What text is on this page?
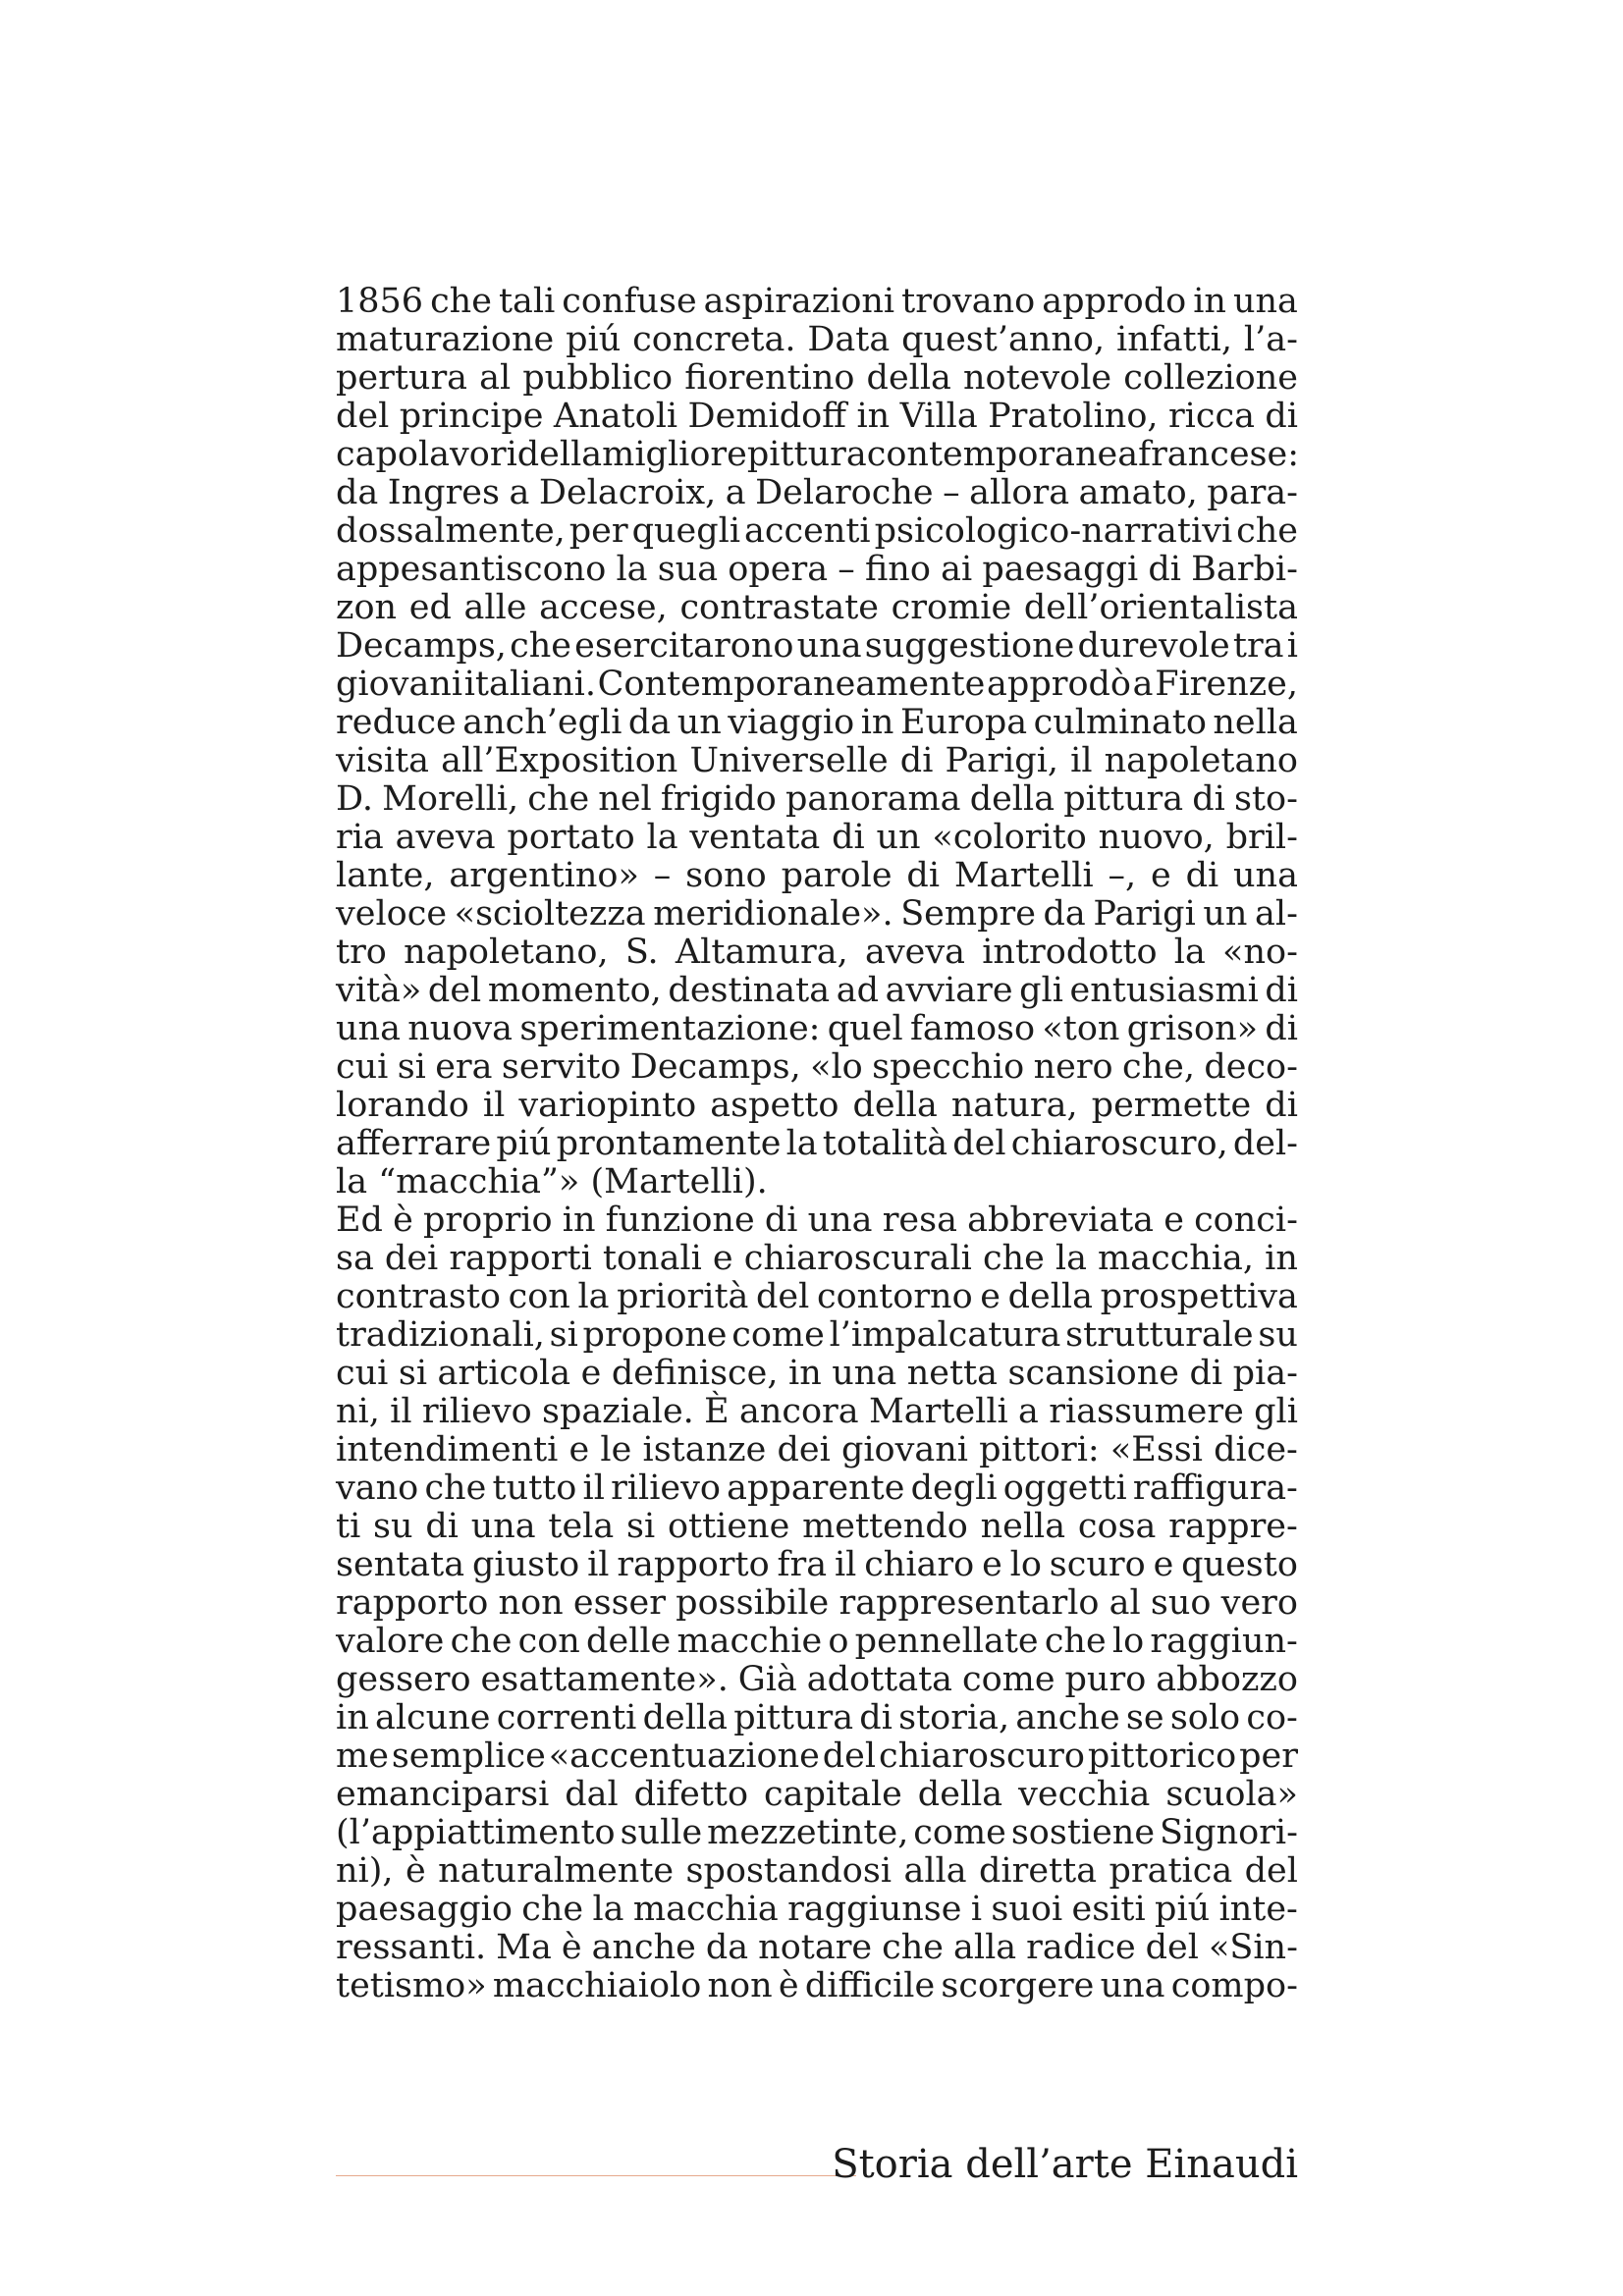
1856 che tali confuse aspirazioni trovano approdo in una
maturazione piú concreta. Data quest’anno, infatti, l’a-
pertura al pubblico fiorentino della notevole collezione
del principe Anatoli Demidoff in Villa Pratolino, ricca di
capolavori della migliore pittura contemporanea francese:
da Ingres a Delacroix, a Delaroche – allora amato, para-
dossalmente, per quegli accenti psicologico-narrativi che
appesantiscono la sua opera – fino ai paesaggi di Barbi-
zon ed alle accese, contrastate cromie dell’orientalista
Decamps, che esercitarono una suggestione durevole tra i
giovani italiani. Contemporaneamente approdò a Firenze,
reduce anch’egli da un viaggio in Europa culminato nella
visita all’Exposition Universelle di Parigi, il napoletano
D. Morelli, che nel frigido panorama della pittura di sto-
ria aveva portato la ventata di un «colorito nuovo, bril-
lante, argentino» – sono parole di Martelli –, e di una
veloce «scioltezza meridionale». Sempre da Parigi un al-
tro napoletano, S. Altamura, aveva introdotto la «no-
vità» del momento, destinata ad avviare gli entusiasmi di
una nuova sperimentazione: quel famoso «ton grison» di
cui si era servito Decamps, «lo specchio nero che, deco-
lorando il variopinto aspetto della natura, permette di
afferrare piú prontamente la totalità del chiaroscuro, del-
la “macchia”» (Martelli).
Ed è proprio in funzione di una resa abbreviata e conci-
sa dei rapporti tonali e chiaroscurali che la macchia, in
contrasto con la priorità del contorno e della prospettiva
tradizionali, si propone come l’impalcatura strutturale su
cui si articola e definisce, in una netta scansione di pia-
ni, il rilievo spaziale. È ancora Martelli a riassumere gli
intendimenti e le istanze dei giovani pittori: «Essi dice-
vano che tutto il rilievo apparente degli oggetti raffigura-
ti su di una tela si ottiene mettendo nella cosa rappre-
sentata giusto il rapporto fra il chiaro e lo scuro e questo
rapporto non esser possibile rappresentarlo al suo vero
valore che con delle macchie o pennellate che lo raggiun-
gessero esattamente». Già adottata come puro abbozzo
in alcune correnti della pittura di storia, anche se solo co-
me semplice «accentuazione del chiaroscuro pittorico per
emanciparsi dal difetto capitale della vecchia scuola»
(l’appiattimento sulle mezzetinte, come sostiene Signori-
ni), è naturalmente spostandosi alla diretta pratica del
paesaggio che la macchia raggiunse i suoi esiti piú inte-
ressanti. Ma è anche da notare che alla radice del «Sin-
tetismo» macchiaiolo non è difficile scorgere una compo-
Storia dell’arte Einaudi
